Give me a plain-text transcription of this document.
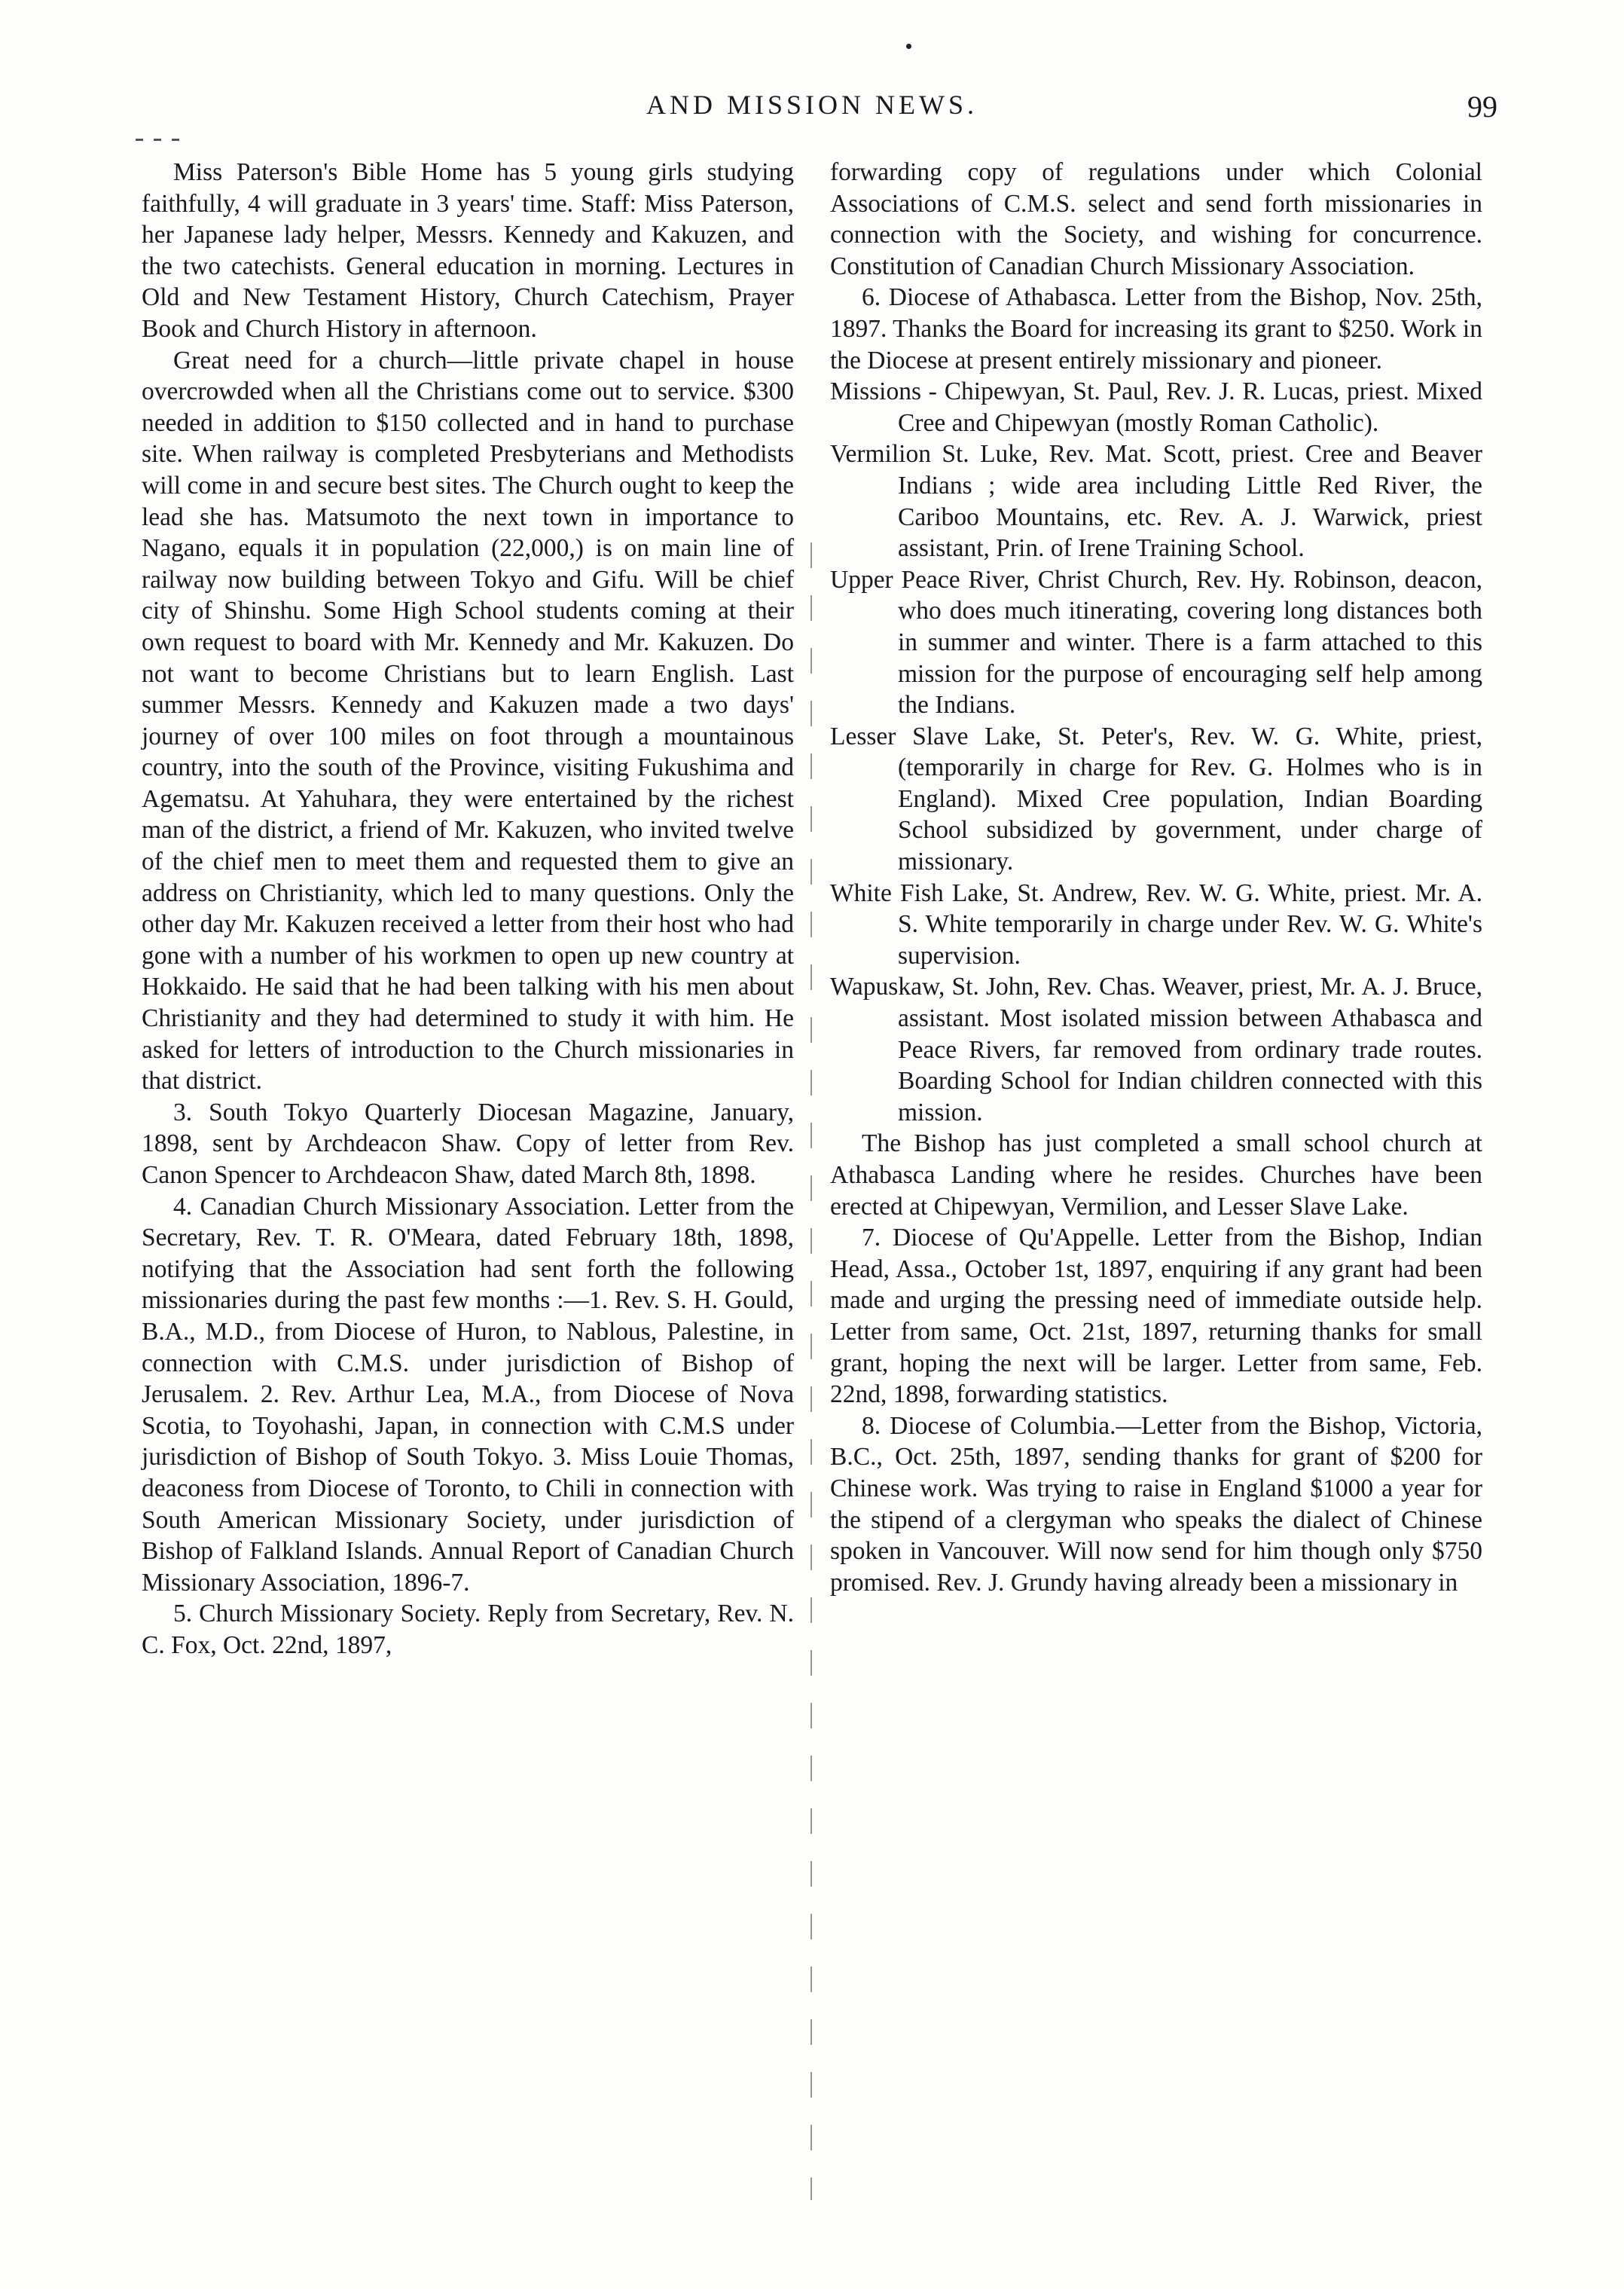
AND MISSION NEWS.	99

Miss Paterson's Bible Home has 5 young girls studying faithfully, 4 will graduate in 3 years' time. Staff: Miss Paterson, her Japanese lady helper, Messrs. Kennedy and Kakuzen, and the two catechists. General education in morning. Lectures in Old and New Testament History, Church Catechism, Prayer Book and Church History in afternoon.

Great need for a church—little private chapel in house overcrowded when all the Christians come out to service. $300 needed in addition to $150 collected and in hand to purchase site. When railway is completed Presbyterians and Methodists will come in and secure best sites. The Church ought to keep the lead she has. Matsumoto the next town in importance to Nagano, equals it in population (22,000,) is on main line of railway now building between Tokyo and Gifu. Will be chief city of Shinshu. Some High School students coming at their own request to board with Mr. Kennedy and Mr. Kakuzen. Do not want to become Christians but to learn English. Last summer Messrs. Kennedy and Kakuzen made a two days' journey of over 100 miles on foot through a mountainous country, into the south of the Province, visiting Fukushima and Agematsu. At Yahuhara, they were entertained by the richest man of the district, a friend of Mr. Kakuzen, who invited twelve of the chief men to meet them and requested them to give an address on Christianity, which led to many questions. Only the other day Mr. Kakuzen received a letter from their host who had gone with a number of his workmen to open up new country at Hokkaido. He said that he had been talking with his men about Christianity and they had determined to study it with him. He asked for letters of introduction to the Church missionaries in that district.

3. South Tokyo Quarterly Diocesan Magazine, January, 1898, sent by Archdeacon Shaw. Copy of letter from Rev. Canon Spencer to Archdeacon Shaw, dated March 8th, 1898.

4. Canadian Church Missionary Association. Letter from the Secretary, Rev. T. R. O'Meara, dated February 18th, 1898, notifying that the Association had sent forth the following missionaries during the past few months :—1. Rev. S. H. Gould, B.A., M.D., from Diocese of Huron, to Nablous, Palestine, in connection with C.M.S. under jurisdiction of Bishop of Jerusalem. 2. Rev. Arthur Lea, M.A., from Diocese of Nova Scotia, to Toyohashi, Japan, in connection with C.M.S under jurisdiction of Bishop of South Tokyo. 3. Miss Louie Thomas, deaconess from Diocese of Toronto, to Chili in connection with South American Missionary Society, under jurisdiction of Bishop of Falkland Islands. Annual Report of Canadian Church Missionary Association, 1896-7.

5. Church Missionary Society. Reply from Secretary, Rev. N. C. Fox, Oct. 22nd, 1897,

forwarding copy of regulations under which Colonial Associations of C.M.S. select and send forth missionaries in connection with the Society, and wishing for concurrence. Constitution of Canadian Church Missionary Association.

6. Diocese of Athabasca. Letter from the Bishop, Nov. 25th, 1897. Thanks the Board for increasing its grant to $250. Work in the Diocese at present entirely missionary and pioneer.

Missions - Chipewyan, St. Paul, Rev. J. R. Lucas, priest. Mixed Cree and Chipewyan (mostly Roman Catholic).

Vermilion St. Luke, Rev. Mat. Scott, priest. Cree and Beaver Indians ; wide area including Little Red River, the Cariboo Mountains, etc. Rev. A. J. Warwick, priest assistant, Prin. of Irene Training School.

Upper Peace River, Christ Church, Rev. Hy. Robinson, deacon, who does much itinerating, covering long distances both in summer and winter. There is a farm attached to this mission for the purpose of encouraging self help among the Indians.

Lesser Slave Lake, St. Peter's, Rev. W. G. White, priest, (temporarily in charge for Rev. G. Holmes who is in England). Mixed Cree population, Indian Boarding School subsidized by government, under charge of missionary.

White Fish Lake, St. Andrew, Rev. W. G. White, priest. Mr. A. S. White temporarily in charge under Rev. W. G. White's supervision.

Wapuskaw, St. John, Rev. Chas. Weaver, priest, Mr. A. J. Bruce, assistant. Most isolated mission between Athabasca and Peace Rivers, far removed from ordinary trade routes. Boarding School for Indian children connected with this mission.

The Bishop has just completed a small school church at Athabasca Landing where he resides. Churches have been erected at Chipewyan, Vermilion, and Lesser Slave Lake.

7. Diocese of Qu'Appelle. Letter from the Bishop, Indian Head, Assa., October 1st, 1897, enquiring if any grant had been made and urging the pressing need of immediate outside help. Letter from same, Oct. 21st, 1897, returning thanks for small grant, hoping the next will be larger. Letter from same, Feb. 22nd, 1898, forwarding statistics.

8. Diocese of Columbia.—Letter from the Bishop, Victoria, B.C., Oct. 25th, 1897, sending thanks for grant of $200 for Chinese work. Was trying to raise in England $1000 a year for the stipend of a clergyman who speaks the dialect of Chinese spoken in Vancouver. Will now send for him though only $750 promised. Rev. J. Grundy having already been a missionary in
